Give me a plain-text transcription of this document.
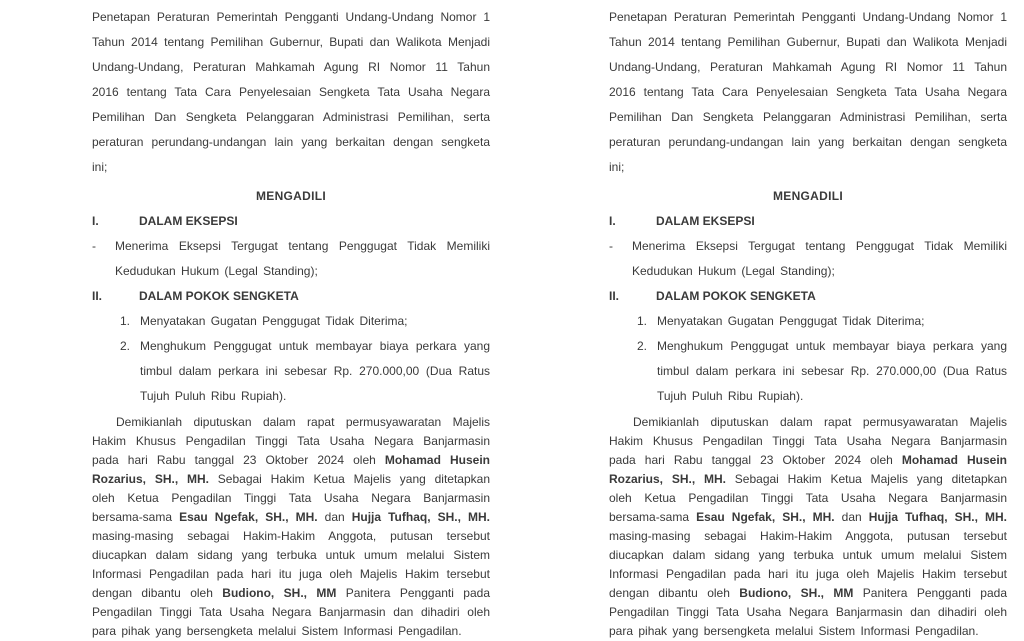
Penetapan Peraturan Pemerintah Pengganti Undang-Undang Nomor 1 Tahun 2014 tentang Pemilihan Gubernur, Bupati dan Walikota Menjadi Undang-Undang, Peraturan Mahkamah Agung RI Nomor 11 Tahun 2016 tentang Tata Cara Penyelesaian Sengketa Tata Usaha Negara Pemilihan Dan Sengketa Pelanggaran Administrasi Pemilihan, serta peraturan perundang-undangan lain yang berkaitan dengan sengketa ini;

MENGADILI
I.	DALAM EKSEPSI
-	Menerima Eksepsi Tergugat tentang Penggugat Tidak Memiliki Kedudukan Hukum (Legal Standing);
II.	DALAM POKOK SENGKETA
1. Menyatakan Gugatan Penggugat Tidak Diterima;
2. Menghukum Penggugat untuk membayar biaya perkara yang timbul dalam perkara ini sebesar Rp. 270.000,00 (Dua Ratus Tujuh Puluh Ribu Rupiah).

Demikianlah diputuskan dalam rapat permusyawaratan Majelis Hakim Khusus Pengadilan Tinggi Tata Usaha Negara Banjarmasin pada hari Rabu tanggal 23 Oktober 2024 oleh Mohamad Husein Rozarius, SH., MH. Sebagai Hakim Ketua Majelis yang ditetapkan oleh Ketua Pengadilan Tinggi Tata Usaha Negara Banjarmasin bersama-sama Esau Ngefak, SH., MH. dan Hujja Tufhaq, SH., MH. masing-masing sebagai Hakim-Hakim Anggota, putusan tersebut diucapkan dalam sidang yang terbuka untuk umum melalui Sistem Informasi Pengadilan pada hari itu juga oleh Majelis Hakim tersebut dengan dibantu oleh Budiono, SH., MM Panitera Pengganti pada Pengadilan Tinggi Tata Usaha Negara Banjarmasin dan dihadiri oleh para pihak yang bersengketa melalui Sistem Informasi Pengadilan.

Penetapan Peraturan Pemerintah Pengganti Undang-Undang Nomor 1 Tahun 2014 tentang Pemilihan Gubernur, Bupati dan Walikota Menjadi Undang-Undang, Peraturan Mahkamah Agung RI Nomor 11 Tahun 2016 tentang Tata Cara Penyelesaian Sengketa Tata Usaha Negara Pemilihan Dan Sengketa Pelanggaran Administrasi Pemilihan, serta peraturan perundang-undangan lain yang berkaitan dengan sengketa ini;

MENGADILI
I.	DALAM EKSEPSI
-	Menerima Eksepsi Tergugat tentang Penggugat Tidak Memiliki Kedudukan Hukum (Legal Standing);
II.	DALAM POKOK SENGKETA
1. Menyatakan Gugatan Penggugat Tidak Diterima;
2. Menghukum Penggugat untuk membayar biaya perkara yang timbul dalam perkara ini sebesar Rp. 270.000,00 (Dua Ratus Tujuh Puluh Ribu Rupiah).

Demikianlah diputuskan dalam rapat permusyawaratan Majelis Hakim Khusus Pengadilan Tinggi Tata Usaha Negara Banjarmasin pada hari Rabu tanggal 23 Oktober 2024 oleh Mohamad Husein Rozarius, SH., MH. Sebagai Hakim Ketua Majelis yang ditetapkan oleh Ketua Pengadilan Tinggi Tata Usaha Negara Banjarmasin bersama-sama Esau Ngefak, SH., MH. dan Hujja Tufhaq, SH., MH. masing-masing sebagai Hakim-Hakim Anggota, putusan tersebut diucapkan dalam sidang yang terbuka untuk umum melalui Sistem Informasi Pengadilan pada hari itu juga oleh Majelis Hakim tersebut dengan dibantu oleh Budiono, SH., MM Panitera Pengganti pada Pengadilan Tinggi Tata Usaha Negara Banjarmasin dan dihadiri oleh para pihak yang bersengketa melalui Sistem Informasi Pengadilan.
